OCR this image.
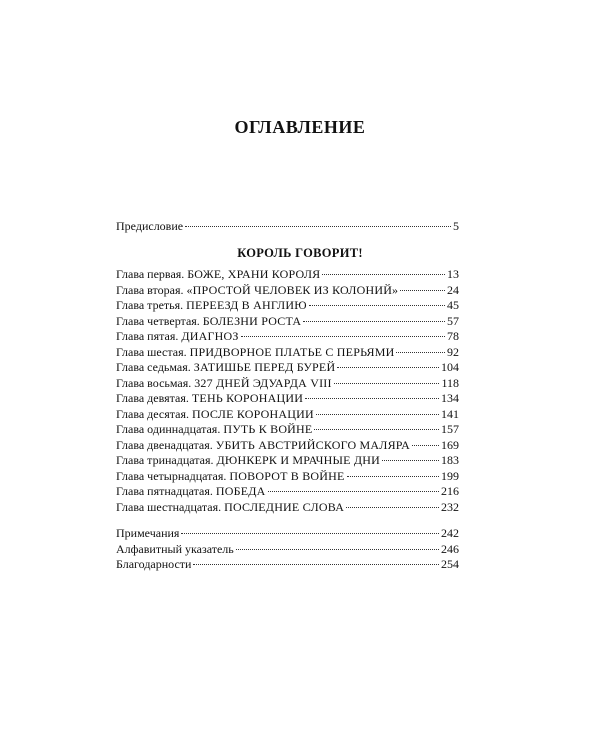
ОГЛАВЛЕНИЕ
Предисловие	5
КОРОЛЬ ГОВОРИТ!
Глава первая. БОЖЕ, ХРАНИ КОРОЛЯ	13
Глава вторая. «ПРОСТОЙ ЧЕЛОВЕК ИЗ КОЛОНИЙ»	24
Глава третья. ПЕРЕЕЗД В АНГЛИЮ	45
Глава четвертая. БОЛЕЗНИ РОСТА	57
Глава пятая. ДИАГНОЗ	78
Глава шестая. ПРИДВОРНОЕ ПЛАТЬЕ С ПЕРЬЯМИ	92
Глава седьмая. ЗАТИШЬЕ ПЕРЕД БУРЕЙ	104
Глава восьмая. 327 ДНЕЙ ЭДУАРДА VIII	118
Глава девятая. ТЕНЬ КОРОНАЦИИ	134
Глава десятая. ПОСЛЕ КОРОНАЦИИ	141
Глава одиннадцатая. ПУТЬ К ВОЙНЕ	157
Глава двенадцатая. УБИТЬ АВСТРИЙСКОГО МАЛЯРА	169
Глава тринадцатая. ДЮНКЕРК И МРАЧНЫЕ ДНИ	183
Глава четырнадцатая. ПОВОРОТ В ВОЙНЕ	199
Глава пятнадцатая. ПОБЕДА	216
Глава шестнадцатая. ПОСЛЕДНИЕ СЛОВА	232
Примечания	242
Алфавитный указатель	246
Благодарности	254
